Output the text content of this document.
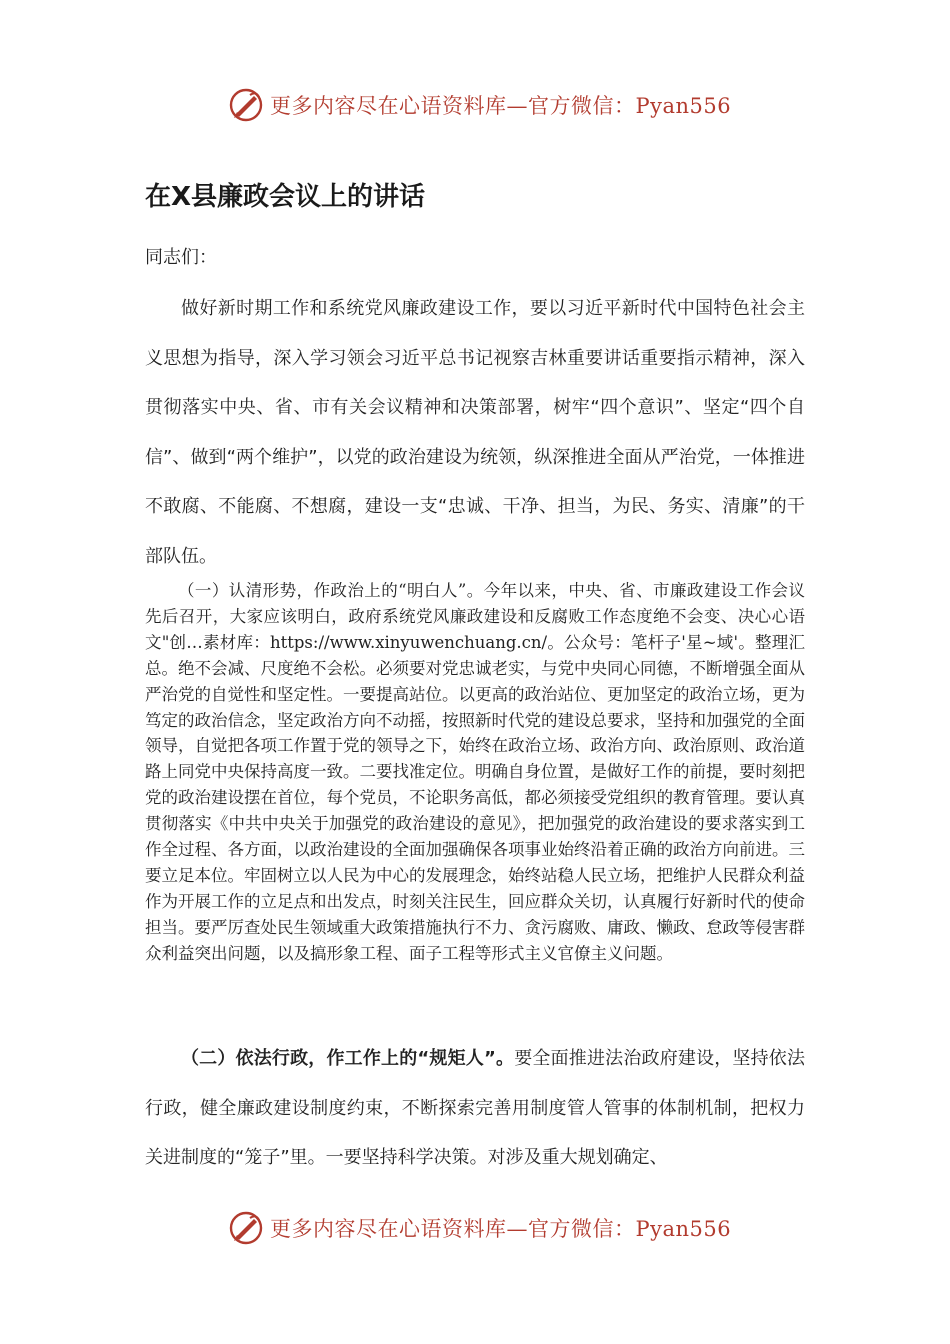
更多内容尽在心语资料库—官方微信：Pyan556
在X县廉政会议上的讲话
同志们：

做好新时期工作和系统党风廉政建设工作，要以习近平新时代中国特色社会主义思想为指导，深入学习领会习近平总书记视察吉林重要讲话重要指示精神，深入贯彻落实中央、省、市有关会议精神和决策部署，树牢“四个意识”、坚定“四个自信”、做到“两个维护”，以党的政治建设为统领，纵深推进全面从严治党，一体推进不敢腐、不能腐、不想腐，建设一支“忠诚、干净、担当，为民、务实、清廉”的干部队伍。

（一）认清形势，作政治上的“明白人”。今年以来，中央、省、市廉政建设工作会议先后召开，大家应该明白，政府系统党风廉政建设和反腐败工作态度绝不会变、决心心语文"创…素材库：https://www.xinyuwenchuang.cn/。公众号：笔杆子'星~域'。整理汇总。绝不会减、尺度绝不会松。必须要对党忠诚老实，与党中央同心同德，不断增强全面从严治党的自觉性和坚定性。一要提高站位。以更高的政治站位、更加坚定的政治立场，更为笃定的政治信念，坚定政治方向不动摇，按照新时代党的建设总要求，坚持和加强党的全面领导，自觉把各项工作置于党的领导之下，始终在政治立场、政治方向、政治原则、政治道路上同党中央保持高度一致。二要找准定位。明确自身位置，是做好工作的前提，要时刻把党的政治建设摆在首位，每个党员，不论职务高低，都必须接受党组织的教育管理。要认真贯彻落实《中共中央关于加强党的政治建设的意见》，把加强党的政治建设的要求落实到工作全过程、各方面，以政治建设的全面加强确保各项事业始终沿着正确的政治方向前进。三要立足本位。牢固树立以人民为中心的发展理念，始终站稳人民立场，把维护人民群众利益作为开展工作的立足点和出发点，时刻关注民生，回应群众关切，认真履行好新时代的使命担当。要严厉查处民生领域重大政策措施执行不力、贪污腐败、庸政、懒政、怠政等侵害群众利益突出问题，以及搞形象工程、面子工程等形式主义官僚主义问题。

（二）依法行政，作工作上的“规矩人”。要全面推进法治政府建设，坚持依法行政，健全廉政建设制度约束，不断探索完善用制度管人管事的体制机制，把权力关进制度的“笼子”里。一要坚持科学决策。对涉及重大规划确定、

更多内容尽在心语资料库—官方微信：Pyan556
